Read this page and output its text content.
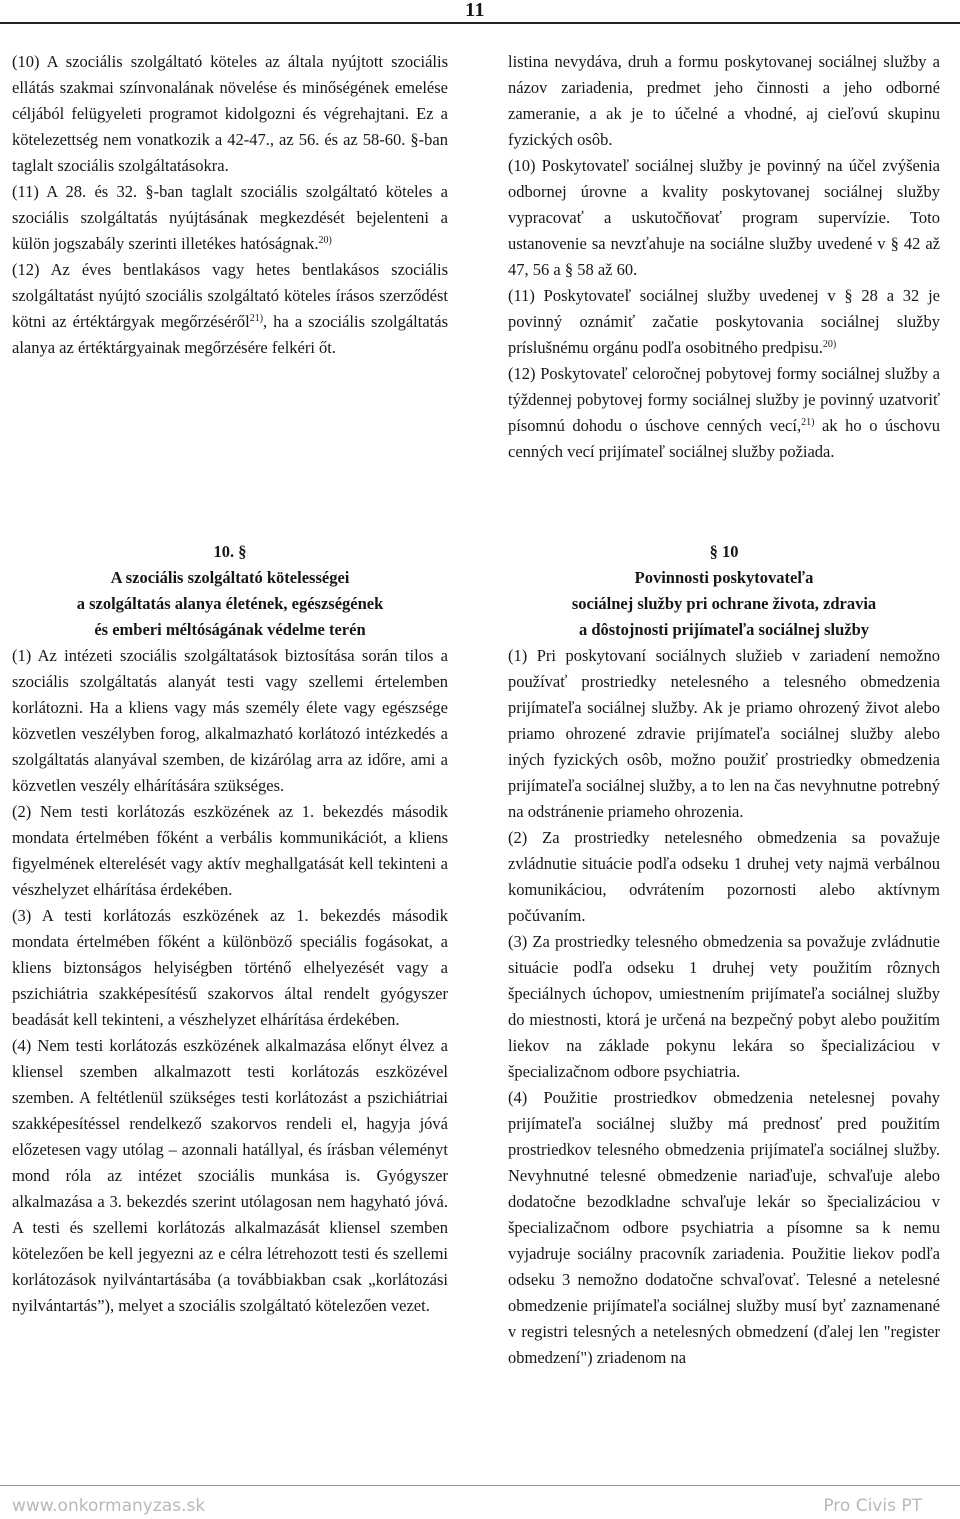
11

(10) A szociális szolgáltató köteles az általa nyújtott szociális ellátás szakmai színvonalának növelése és minőségének emelése céljából felügyeleti programot kidolgozni és végrehajtani. Ez a kötelezettség nem vonatkozik a 42-47., az 56. és az 58-60. §-ban taglalt szociális szolgáltatásokra.

(11) A 28. és 32. §-ban taglalt szociális szolgáltató köteles a szociális szolgáltatás nyújtásának megkezdését bejelenteni a külön jogszabály szerinti illetékes hatóságnak.$^{20)}$

(12) Az éves bentlakásos vagy hetes bentlakásos szociális szolgáltatást nyújtó szociális szolgáltató köteles írásos szerződést kötni az értéktárgyak megőrzéséről$^{21)}$, ha a szociális szolgáltatás alanya az értéktárgyainak megőrzésére felkéri őt.

listina nevydáva, druh a formu poskytovanej sociálnej služby a názov zariadenia, predmet jeho činnosti a jeho odborné zameranie, a ak je to účelné a vhodné, aj cieľovú skupinu fyzických osôb.

(10) Poskytovateľ sociálnej služby je povinný na účel zvýšenia odbornej úrovne a kvality poskytovanej sociálnej služby vypracovať a uskutočňovať program supervízie. Toto ustanovenie sa nevzťahuje na sociálne služby uvedené v § 42 až 47, 56 a § 58 až 60.

(11) Poskytovateľ sociálnej služby uvedenej v § 28 a 32 je povinný oznámiť začatie poskytovania sociálnej služby príslušnému orgánu podľa osobitného predpisu.$^{20)}$

(12) Poskytovateľ celoročnej pobytovej formy sociálnej služby a týždennej pobytovej formy sociálnej služby je povinný uzatvoriť písomnú dohodu o úschove cenných vecí,$^{21)}$ ak ho o úschovu cenných vecí prijímateľ sociálnej služby požiada.

10. §
A szociális szolgáltató kötelességei
a szolgáltatás alanya életének, egészségének
és emberi méltóságának védelme terén

(1) Az intézeti szociális szolgáltatások biztosítása során tilos a szociális szolgáltatás alanyát testi vagy szellemi értelemben korlátozni. Ha a kliens vagy más személy élete vagy egészsége közvetlen veszélyben forog, alkalmazható korlátozó intézkedés a szolgáltatás alanyával szemben, de kizárólag arra az időre, ami a közvetlen veszély elhárítására szükséges.

(2) Nem testi korlátozás eszközének az 1. bekezdés második mondata értelmében főként a verbális kommunikációt, a kliens figyelmének elterelését vagy aktív meghallgatását kell tekinteni a vészhelyzet elhárítása érdekében.

(3) A testi korlátozás eszközének az 1. bekezdés második mondata értelmében főként a különböző speciális fogásokat, a kliens biztonságos helyiségben történő elhelyezését vagy a pszichiátria szakképesítésű szakorvos által rendelt gyógyszer beadását kell tekinteni, a vészhelyzet elhárítása érdekében.

(4) Nem testi korlátozás eszközének alkalmazása előnyt élvez a kliensel szemben alkalmazott testi korlátozás eszközével szemben. A feltétlenül szükséges testi korlátozást a pszichiátriai szakképesítéssel rendelkező szakorvos rendeli el, hagyja jóvá előzetesen vagy utólag – azonnali hatállyal, és írásban véleményt mond róla az intézet szociális munkása is. Gyógyszer alkalmazása a 3. bekezdés szerint utólagosan nem hagyható jóvá. A testi és szellemi korlátozás alkalmazását kliensel szemben kötelezően be kell jegyezni az e célra létrehozott testi és szellemi korlátozások nyilvántartásába (a továbbiakban csak „korlátozási nyilvántartás”), melyet a szociális szolgáltató kötelezően vezet.

§ 10
Povinnosti poskytovateľa
sociálnej služby pri ochrane života, zdravia
a dôstojnosti prijímateľa sociálnej služby

(1) Pri poskytovaní sociálnych služieb v zariadení nemožno používať prostriedky netelesného a telesného obmedzenia prijímateľa sociálnej služby. Ak je priamo ohrozený život alebo priamo ohrozené zdravie prijímateľa sociálnej služby alebo iných fyzických osôb, možno použiť prostriedky obmedzenia prijímateľa sociálnej služby, a to len na čas nevyhnutne potrebný na odstránenie priameho ohrozenia.

(2) Za prostriedky netelesného obmedzenia sa považuje zvládnutie situácie podľa odseku 1 druhej vety najmä verbálnou komunikáciou, odvrátením pozornosti alebo aktívnym počúvaním.

(3) Za prostriedky telesného obmedzenia sa považuje zvládnutie situácie podľa odseku 1 druhej vety použitím rôznych špeciálnych úchopov, umiestnením prijímateľa sociálnej služby do miestnosti, ktorá je určená na bezpečný pobyt alebo použitím liekov na základe pokynu lekára so špecializáciou v špecializačnom odbore psychiatria.

(4) Použitie prostriedkov obmedzenia netelesnej povahy prijímateľa sociálnej služby má prednosť pred použitím prostriedkov telesného obmedzenia prijímateľa sociálnej služby. Nevyhnutné telesné obmedzenie nariaďuje, schvaľuje alebo dodatočne bezodkladne schvaľuje lekár so špecializáciou v špecializačnom odbore psychiatria a písomne sa k nemu vyjadruje sociálny pracovník zariadenia. Použitie liekov podľa odseku 3 nemožno dodatočne schvaľovať. Telesné a netelesné obmedzenie prijímateľa sociálnej služby musí byť zaznamenané v registri telesných a netelesných obmedzení (ďalej len "register obmedzení") zriadenom na

www.onkormanyzas.sk	Pro Civis PT
